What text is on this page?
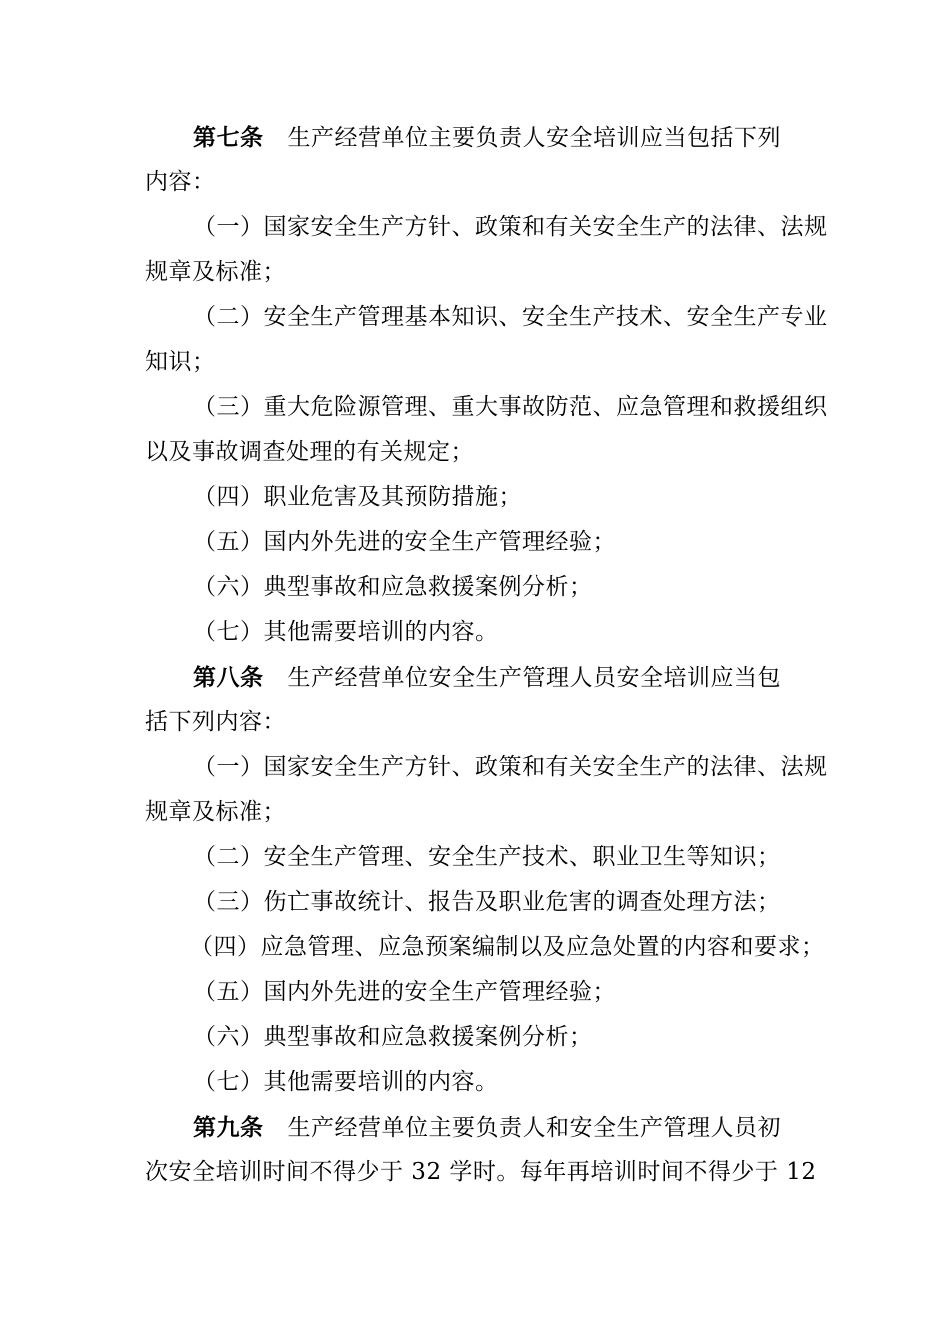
第七条 生产经营单位主要负责人安全培训应当包括下列
内容：
（一）国家安全生产方针、政策和有关安全生产的法律、法规
规章及标准；
（二）安全生产管理基本知识、安全生产技术、安全生产专业
知识；
（三）重大危险源管理、重大事故防范、应急管理和救援组织
以及事故调查处理的有关规定；
（四）职业危害及其预防措施；
（五）国内外先进的安全生产管理经验；
（六）典型事故和应急救援案例分析；
（七）其他需要培训的内容。
第八条 生产经营单位安全生产管理人员安全培训应当包
括下列内容：
（一）国家安全生产方针、政策和有关安全生产的法律、法规
规章及标准；
（二）安全生产管理、安全生产技术、职业卫生等知识；
（三）伤亡事故统计、报告及职业危害的调查处理方法；
（四）应急管理、应急预案编制以及应急处置的内容和要求；
（五）国内外先进的安全生产管理经验；
（六）典型事故和应急救援案例分析；
（七）其他需要培训的内容。
第九条 生产经营单位主要负责人和安全生产管理人员初
次安全培训时间不得少于 32 学时。每年再培训时间不得少于 12
